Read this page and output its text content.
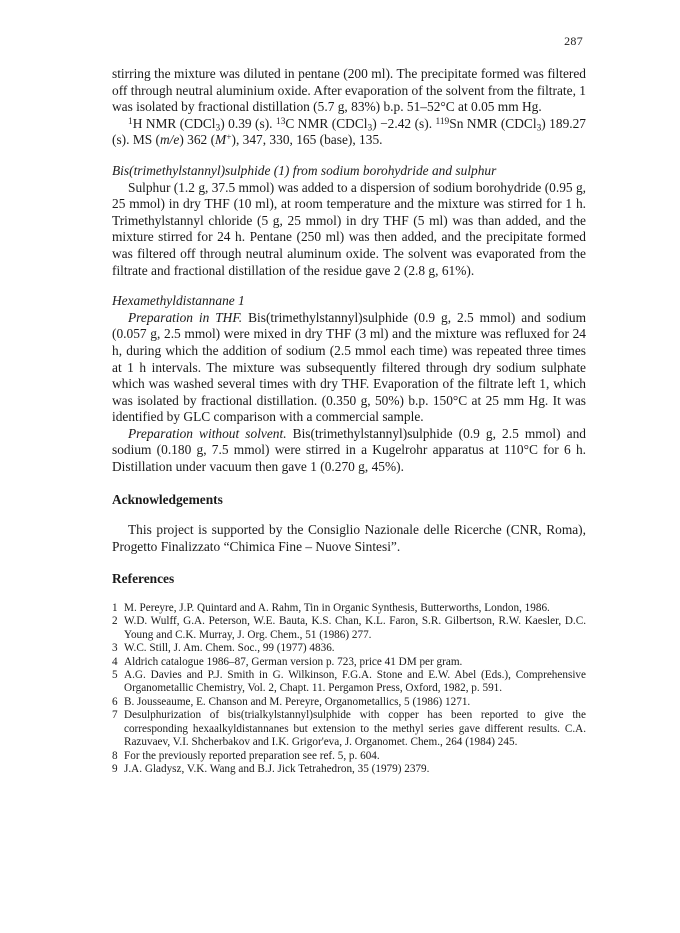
287

stirring the mixture was diluted in pentane (200 ml). The precipitate formed was filtered off through neutral aluminium oxide. After evaporation of the solvent from the filtrate, 1 was isolated by fractional distillation (5.7 g, 83%) b.p. 51–52°C at 0.05 mm Hg.

$^1$H NMR (CDCl$_3$) 0.39 (s). $^{13}$C NMR (CDCl$_3$) −2.42 (s). $^{119}$Sn NMR (CDCl$_3$) 189.27 (s). MS (m/e) 362 (M+), 347, 330, 165 (base), 135.

Bis(trimethylstannyl)sulphide (1) from sodium borohydride and sulphur

Sulphur (1.2 g, 37.5 mmol) was added to a dispersion of sodium borohydride (0.95 g, 25 mmol) in dry THF (10 ml), at room temperature and the mixture was stirred for 1 h. Trimethylstannyl chloride (5 g, 25 mmol) in dry THF (5 ml) was than added, and the mixture stirred for 24 h. Pentane (250 ml) was then added, and the precipitate formed was filtered off through neutral aluminum oxide. The solvent was evaporated from the filtrate and fractional distillation of the residue gave 2 (2.8 g, 61%).

Hexamethyldistannane 1

Preparation in THF. Bis(trimethylstannyl)sulphide (0.9 g, 2.5 mmol) and sodium (0.057 g, 2.5 mmol) were mixed in dry THF (3 ml) and the mixture was refluxed for 24 h, during which the addition of sodium (2.5 mmol each time) was repeated three times at 1 h intervals. The mixture was subsequently filtered through dry sodium sulphate which was washed several times with dry THF. Evaporation of the filtrate left 1, which was isolated by fractional distillation. (0.350 g, 50%) b.p. 150°C at 25 mm Hg. It was identified by GLC comparison with a commercial sample.

Preparation without solvent. Bis(trimethylstannyl)sulphide (0.9 g, 2.5 mmol) and sodium (0.180 g, 7.5 mmol) were stirred in a Kugelrohr apparatus at 110°C for 6 h. Distillation under vacuum then gave 1 (0.270 g, 45%).

Acknowledgements

This project is supported by the Consiglio Nazionale delle Ricerche (CNR, Roma), Progetto Finalizzato “Chimica Fine – Nuove Sintesi”.

References

1 M. Pereyre, J.P. Quintard and A. Rahm, Tin in Organic Synthesis, Butterworths, London, 1986.
2 W.D. Wulff, G.A. Peterson, W.E. Bauta, K.S. Chan, K.L. Faron, S.R. Gilbertson, R.W. Kaesler, D.C. Young and C.K. Murray, J. Org. Chem., 51 (1986) 277.
3 W.C. Still, J. Am. Chem. Soc., 99 (1977) 4836.
4 Aldrich catalogue 1986–87, German version p. 723, price 41 DM per gram.
5 A.G. Davies and P.J. Smith in G. Wilkinson, F.G.A. Stone and E.W. Abel (Eds.), Comprehensive Organometallic Chemistry, Vol. 2, Chapt. 11. Pergamon Press, Oxford, 1982, p. 591.
6 B. Jousseaume, E. Chanson and M. Pereyre, Organometallics, 5 (1986) 1271.
7 Desulphurization of bis(trialkylstannyl)sulphide with copper has been reported to give the corresponding hexaalkyldistannanes but extension to the methyl series gave different results. C.A. Razuvaev, V.I. Shcherbakov and I.K. Grigor'eva, J. Organomet. Chem., 264 (1984) 245.
8 For the previously reported preparation see ref. 5, p. 604.
9 J.A. Gladysz, V.K. Wang and B.J. Jick Tetrahedron, 35 (1979) 2379.
